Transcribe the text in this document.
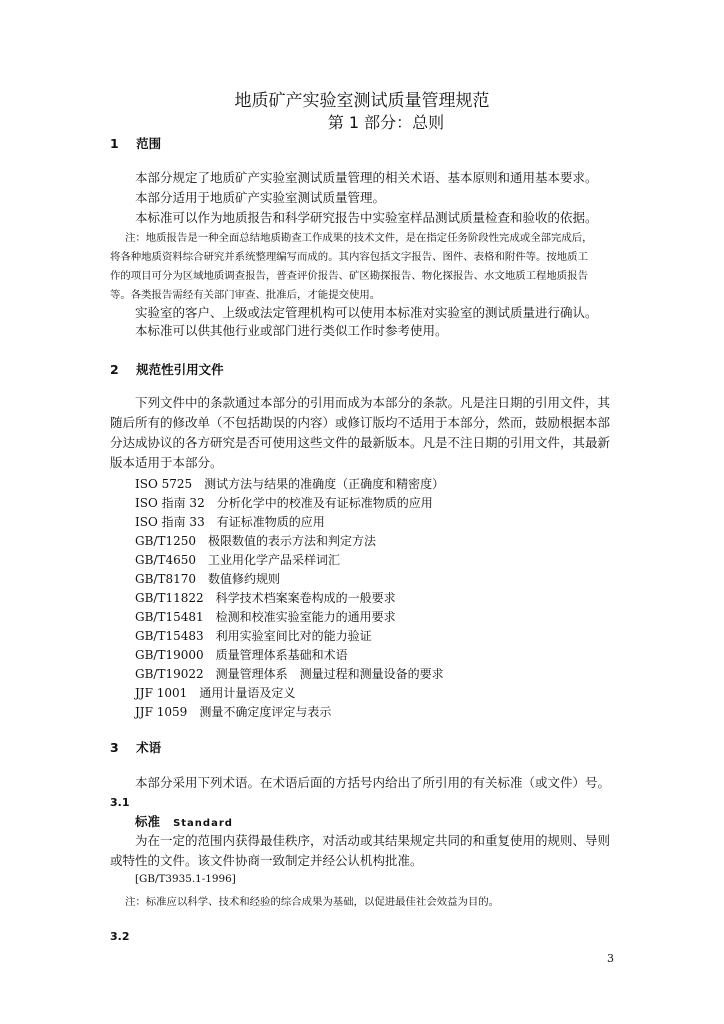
地质矿产实验室测试质量管理规范
第 1 部分：总则
1 范围
本部分规定了地质矿产实验室测试质量管理的相关术语、基本原则和通用基本要求。
本部分适用于地质矿产实验室测试质量管理。
本标准可以作为地质报告和科学研究报告中实验室样品测试质量检查和验收的依据。
注：地质报告是一种全面总结地质勘查工作成果的技术文件，是在指定任务阶段性完成或全部完成后，
将各种地质资料综合研究并系统整理编写而成的。其内容包括文字报告、图件、表格和附件等。按地质工
作的项目可分为区域地质调查报告，普查评价报告、矿区勘探报告、物化探报告、水文地质工程地质报告
等。各类报告需经有关部门审查、批准后，才能提交使用。
实验室的客户、上级或法定管理机构可以使用本标准对实验室的测试质量进行确认。
本标准可以供其他行业或部门进行类似工作时参考使用。
2 规范性引用文件
下列文件中的条款通过本部分的引用而成为本部分的条款。凡是注日期的引用文件，其
随后所有的修改单（不包括勘误的内容）或修订版均不适用于本部分，然而，鼓励根据本部
分达成协议的各方研究是否可使用这些文件的最新版本。凡是不注日期的引用文件，其最新
版本适用于本部分。
ISO 5725 测试方法与结果的准确度（正确度和精密度）
ISO 指南 32 分析化学中的校准及有证标准物质的应用
ISO 指南 33 有证标准物质的应用
GB/T1250 极限数值的表示方法和判定方法
GB/T4650 工业用化学产品采样词汇
GB/T8170 数值修约规则
GB/T11822 科学技术档案案卷构成的一般要求
GB/T15481 检测和校准实验室能力的通用要求
GB/T15483 利用实验室间比对的能力验证
GB/T19000 质量管理体系基础和术语
GB/T19022 测量管理体系　测量过程和测量设备的要求
JJF 1001 通用计量语及定义
JJF 1059 测量不确定度评定与表示
3 术语
本部分采用下列术语。在术语后面的方括号内给出了所引用的有关标准（或文件）号。
3.1
标准 Standard
为在一定的范围内获得最佳秩序，对活动或其结果规定共同的和重复使用的规则、导则
或特性的文件。该文件协商一致制定并经公认机构批准。
[GB/T3935.1-1996]
注：标准应以科学、技术和经验的综合成果为基础，以促进最佳社会效益为目的。
3.2
3
